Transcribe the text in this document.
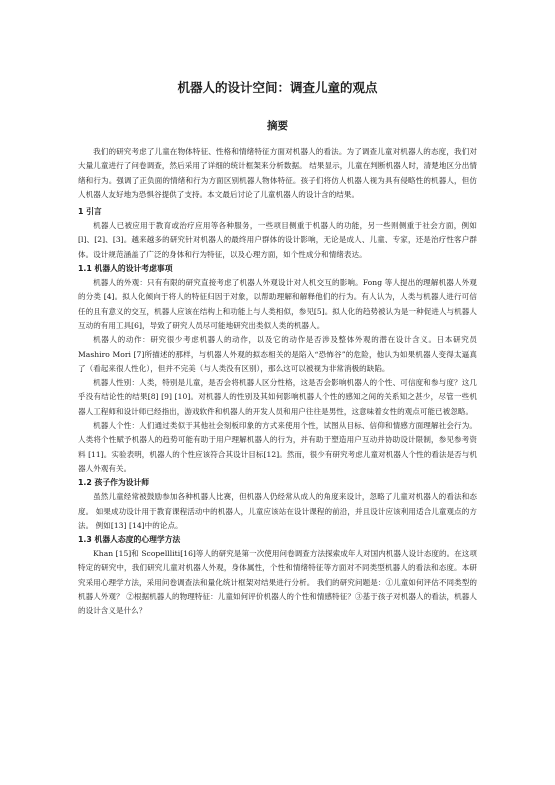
机器人的设计空间：调查儿童的观点
摘要

我们的研究考虑了儿童在物体特征、性格和情绪特征方面对机器人的看法。为了调查儿童对机器人的态度，我们对大量儿童进行了问卷调查，然后采用了详细的统计框架来分析数据。 结果显示，儿童在判断机器人时，清楚地区分出情绪和行为。强调了正负面的情绪和行为方面区别机器人物体特征。孩子们将仿人机器人视为具有侵略性的机器人，但仿人机器人友好地为恐惧谷提供了支持。本文最后讨论了儿童机器人的设计含的结果。

1 引言

机器人已被应用于教育或治疗应用等各种服务，一些项目侧重于机器人的功能，另一些则侧重于社会方面，例如[l]、[2]、[3]。越来越多的研究针对机器人的最终用户群体的设计影响，无论是成人、儿童、专家，还是治疗性客户群体。设计规范涵盖了广泛的身体和行为特征，以及心理方面，如个性成分和情绪表达。

1.1 机器人的设计考虑事项

机器人的外观：只有有限的研究直接考虑了机器人外观设计对人机交互的影响。Fong 等人提出的理解机器人外观的分类 [4]。拟人化倾向于将人的特征归因于对象，以帮助理解和解释他们的行为。有人认为，人类与机器人进行可信任的且有意义的交互，机器人应该在结构上和功能上与人类相似，参见[5]。拟人化的趋势被认为是一种促进人与机器人互动的有用工具[6]，导致了研究人员尽可能地研究出类似人类的机器人。

机器人的动作：研究很少考虑机器人的动作，以及它的动作是否涉及整体外观的潜在设计含义。日本研究员 Mashiro Mori [7]所描述的那样，与机器人外观的拟态相关的是陷入“恐怖谷”的危险，他认为如果机器人变得太逼真了（看起来很人性化），但并不完美（与人类没有区别），那么这可以被视为非常消极的缺陷。

机器人性别：人类，特别是儿童，是否会将机器人区分性格，这是否会影响机器人的个性、可信度和参与度？这几乎没有结论性的结果[8] [9] [10]。对机器人的性别及其如何影响机器人个性的感知之间的关系知之甚少，尽管一些机器人工程师和设计师已经指出，游戏软件和机器人的开发人员和用户往往是男性，这意味着女性的观点可能已被忽略。

机器人个性：人们通过类似于其他社会刻板印象的方式来使用个性，试图从目标、信仰和情感方面理解社会行为。 人类将个性赋予机器人的趋势可能有助于用户理解机器人的行为，并有助于塑造用户互动并协助设计限制，参见参考资料 [11]。实验表明，机器人的个性应该符合其设计目标[12]。然而，很少有研究考虑儿童对机器人个性的看法是否与机器人外观有关。

1.2 孩子作为设计师

虽然儿童经常被鼓励参加各种机器人比赛，但机器人仍经常从成人的角度来设计，忽略了儿童对机器人的看法和态度。 如果成功设计用于教育课程活动中的机器人，儿童应该站在设计课程的前沿，并且设计应该利用适合儿童观点的方法。 例如[13] [14]中的论点。

1.3 机器人态度的心理学方法

Khan [15]和 Scopellliti[16]等人的研究是第一次使用问卷调查方法探索成年人对国内机器人设计态度的。在这项特定的研究中，我们研究儿童对机器人外观，身体属性，个性和情绪特征等方面对不同类型机器人的看法和态度。本研究采用心理学方法，采用问卷调查法和量化统计框架对结果进行分析。 我们的研究问题是：①儿童如何评估不同类型的机器人外观？ ②根据机器人的物理特征：儿童如何评价机器人的个性和情感特征？③基于孩子对机器人的看法，机器人的设计含义是什么？
